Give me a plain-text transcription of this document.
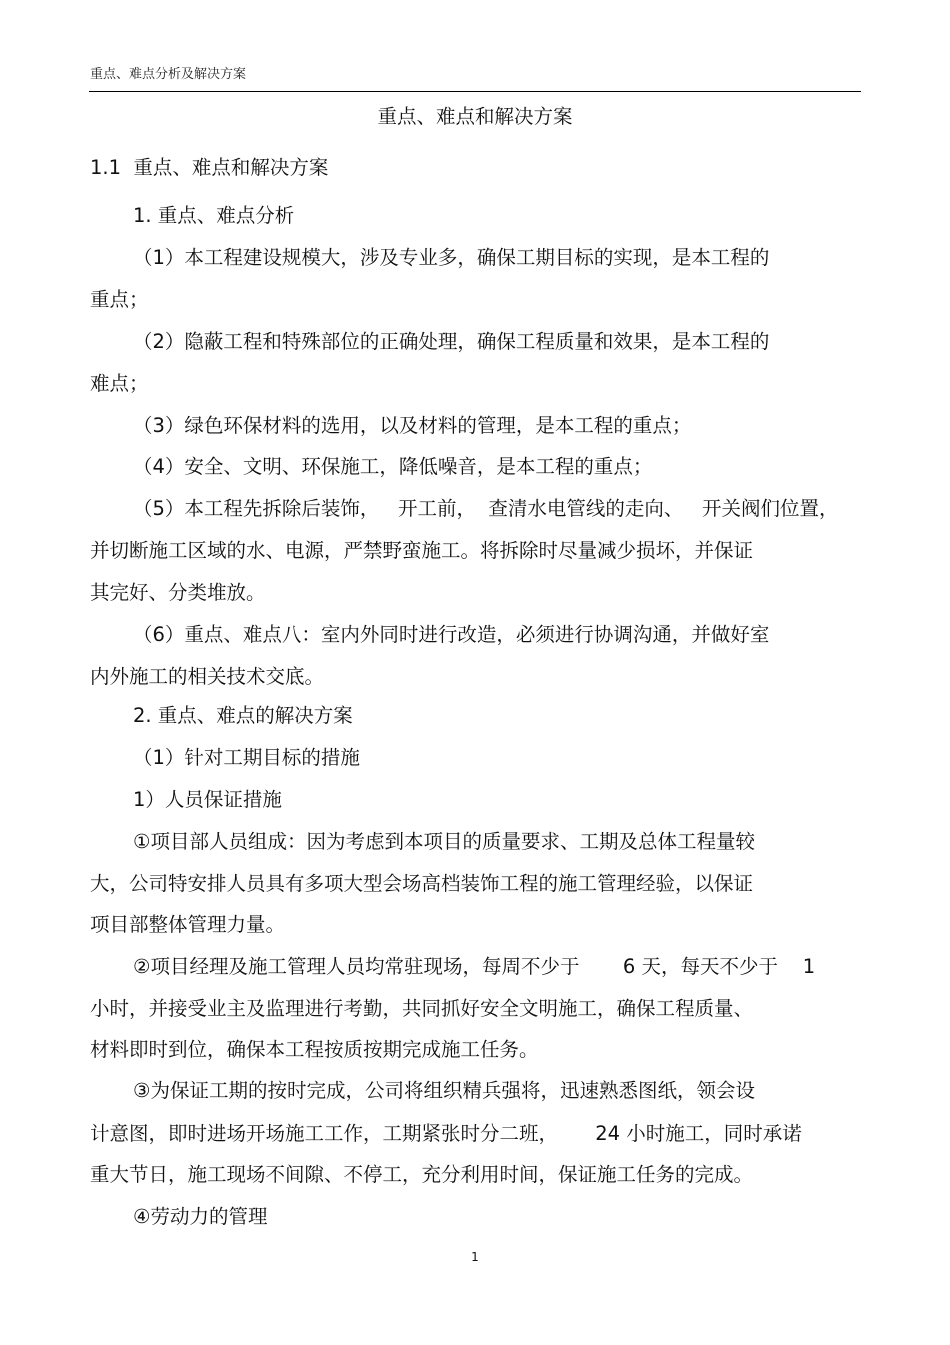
重点、难点分析及解决方案
重点、难点和解决方案
1.1  重点、难点和解决方案
1. 重点、难点分析
（1）本工程建设规模大，涉及专业多，确保工期目标的实现，是本工程的
重点；
（2）隐蔽工程和特殊部位的正确处理，确保工程质量和效果，是本工程的
难点；
（3）绿色环保材料的选用，以及材料的管理，是本工程的重点；
（4）安全、文明、环保施工，降低噪音，是本工程的重点；
（5）本工程先拆除后装饰，   开工前，  查清水电管线的走向、   开关阀们位置，
并切断施工区域的水、电源，严禁野蛮施工。将拆除时尽量减少损坏，并保证
其完好、分类堆放。
（6）重点、难点八：室内外同时进行改造，必须进行协调沟通，并做好室
内外施工的相关技术交底。
2. 重点、难点的解决方案
（1）针对工期目标的措施
1）人员保证措施
①项目部人员组成：因为考虑到本项目的质量要求、工期及总体工程量较
大，公司特安排人员具有多项大型会场高档装饰工程的施工管理经验，以保证
项目部整体管理力量。
②项目经理及施工管理人员均常驻现场，每周不少于       6 天，每天不少于    1
小时，并接受业主及监理进行考勤，共同抓好安全文明施工，确保工程质量、
材料即时到位，确保本工程按质按期完成施工任务。
③为保证工期的按时完成，公司将组织精兵强将，迅速熟悉图纸，领会设
计意图，即时进场开场施工工作，工期紧张时分二班，      24 小时施工，同时承诺
重大节日，施工现场不间隙、不停工，充分利用时间，保证施工任务的完成。
④劳动力的管理
1
